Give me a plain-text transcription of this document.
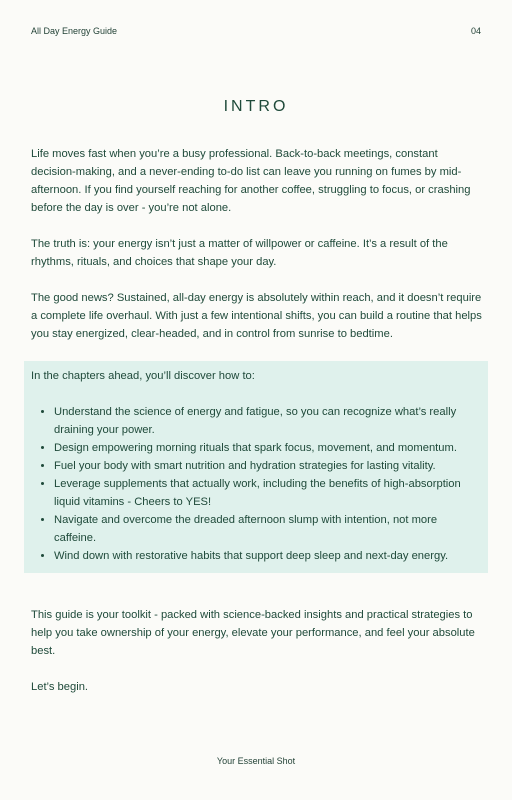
All Day Energy Guide	04
INTRO

Life moves fast when you’re a busy professional. Back-to-back meetings, constant decision-making, and a never-ending to-do list can leave you running on fumes by mid-afternoon. If you find yourself reaching for another coffee, struggling to focus, or crashing before the day is over - you’re not alone.

The truth is: your energy isn’t just a matter of willpower or caffeine. It’s a result of the rhythms, rituals, and choices that shape your day.

The good news? Sustained, all-day energy is absolutely within reach, and it doesn’t require a complete life overhaul. With just a few intentional shifts, you can build a routine that helps you stay energized, clear-headed, and in control from sunrise to bedtime.

In the chapters ahead, you’ll discover how to:

• Understand the science of energy and fatigue, so you can recognize what’s really draining your power.
• Design empowering morning rituals that spark focus, movement, and momentum.
• Fuel your body with smart nutrition and hydration strategies for lasting vitality.
• Leverage supplements that actually work, including the benefits of high-absorption liquid vitamins - Cheers to YES!
• Navigate and overcome the dreaded afternoon slump with intention, not more caffeine.
• Wind down with restorative habits that support deep sleep and next-day energy.

This guide is your toolkit - packed with science-backed insights and practical strategies to help you take ownership of your energy, elevate your performance, and feel your absolute best.

Let’s begin.

Your Essential Shot
